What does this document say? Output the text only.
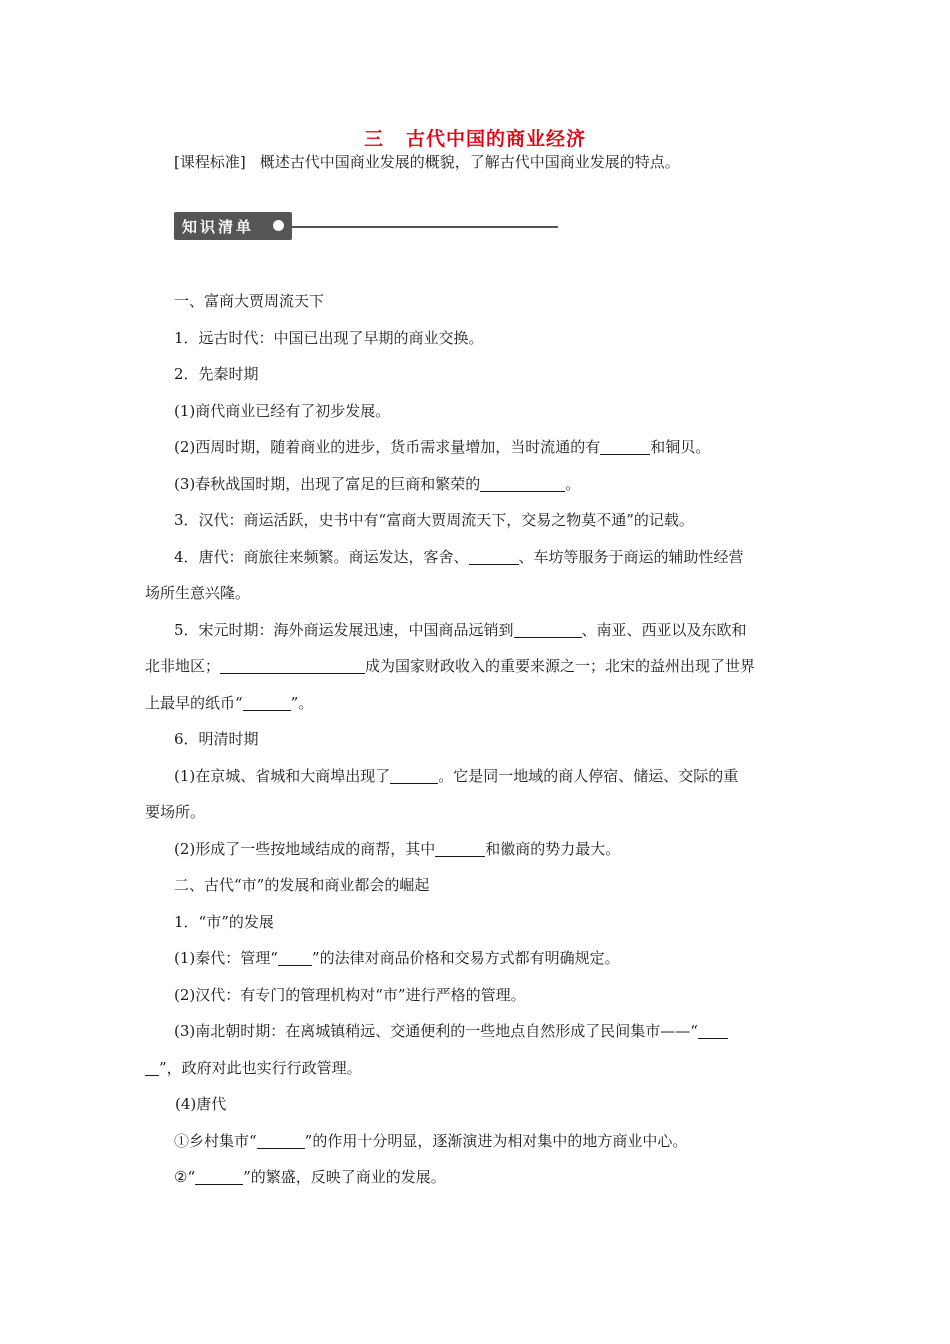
三 古代中国的商业经济
[课程标准] 概述古代中国商业发展的概貌，了解古代中国商业发展的特点。
知识清单
一、富商大贾周流天下
1．远古时代：中国已出现了早期的商业交换。
2．先秦时期
(1)商代商业已经有了初步发展。
(2)西周时期，随着商业的进步，货币需求量增加，当时流通的有	和铜贝。
(3)春秋战国时期，出现了富足的巨商和繁荣的	。
3．汉代：商运活跃，史书中有“富商大贾周流天下，交易之物莫不通”的记载。
4．唐代：商旅往来频繁。商运发达，客舍、	、车坊等服务于商运的辅助性经营
场所生意兴隆。
5．宋元时期：海外商运发展迅速，中国商品远销到	、南亚、西亚以及东欧和
北非地区；	成为国家财政收入的重要来源之一；北宋的益州出现了世界
上最早的纸币“	”。
6．明清时期
(1)在京城、省城和大商埠出现了	。它是同一地域的商人停宿、储运、交际的重
要场所。
(2)形成了一些按地域结成的商帮，其中	和徽商的势力最大。
二、古代“市”的发展和商业都会的崛起
1．“市”的发展
(1)秦代：管理“ ”的法律对商品价格和交易方式都有明确规定。
(2)汉代：有专门的管理机构对“市”进行严格的管理。
(3)南北朝时期：在离城镇稍远、交通便利的一些地点自然形成了民间集市——“
”，政府对此也实行行政管理。
(4)唐代
①乡村集市“	”的作用十分明显，逐渐演进为相对集中的地方商业中心。
②“	”的繁盛，反映了商业的发展。
